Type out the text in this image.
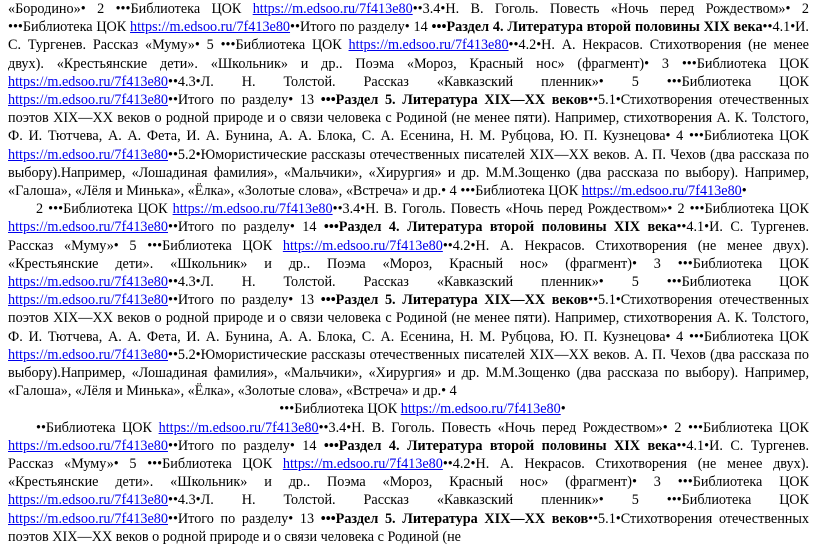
«Бородино»• 2 •••Библиотека ЦОК https://m.edsoo.ru/7f413e80••3.4•Н. В. Гоголь. Повесть «Ночь перед Рождеством»• 2 •••Библиотека ЦОК https://m.edsoo.ru/7f413e80••Итого по разделу• 14 •••Раздел 4. Литература второй половины XIX века••4.1•И. С. Тургенев. Рассказ «Муму»• 5 •••Библиотека ЦОК https://m.edsoo.ru/7f413e80••4.2•Н. А. Некрасов. Стихотворения (не менее двух). «Крестьянские дети». «Школьник» и др.. Поэма «Мороз, Красный нос» (фрагмент)• 3 •••Библиотека ЦОК https://m.edsoo.ru/7f413e80••4.3•Л. Н. Толстой. Рассказ «Кавказский пленник»• 5 •••Библиотека ЦОК https://m.edsoo.ru/7f413e80••Итого по разделу• 13 •••Раздел 5. Литература XIX—XX веков••5.1•Стихотворения отечественных поэтов XIX—XX веков о родной природе и о связи человека с Родиной (не менее пяти). Например, стихотворения А. К. Толстого, Ф. И. Тютчева, А. А. Фета, И. А. Бунина, А. А. Блока, С. А. Есенина, Н. М. Рубцова, Ю. П. Кузнецова• 4 •••Библиотека ЦОК https://m.edsoo.ru/7f413e80••5.2•Юмористические рассказы отечественных писателей XIX—XX веков. А. П. Чехов (два рассказа по выбору).Например, «Лошадиная фамилия», «Мальчики», «Хирургия» и др. М.М.Зощенко (два рассказа по выбору). Например, «Галоша», «Лёля и Минька», «Ёлка», «Золотые слова», «Встреча» и др.• 4 •••Библиотека ЦОК https://m.edsoo.ru/7f413e80•

2 •••Библиотека ЦОК https://m.edsoo.ru/7f413e80••3.4•Н. В. Гоголь. Повесть «Ночь перед Рождеством»• 2 •••Библиотека ЦОК https://m.edsoo.ru/7f413e80••Итого по разделу• 14 •••Раздел 4. Литература второй половины XIX века••4.1•И. С. Тургенев. Рассказ «Муму»• 5 •••Библиотека ЦОК https://m.edsoo.ru/7f413e80••4.2•Н. А. Некрасов. Стихотворения (не менее двух). «Крестьянские дети». «Школьник» и др.. Поэма «Мороз, Красный нос» (фрагмент)• 3 •••Библиотека ЦОК https://m.edsoo.ru/7f413e80••4.3•Л. Н. Толстой. Рассказ «Кавказский пленник»• 5 •••Библиотека ЦОК https://m.edsoo.ru/7f413e80••Итого по разделу• 13 •••Раздел 5. Литература XIX—XX веков••5.1•Стихотворения отечественных поэтов XIX—XX веков о родной природе и о связи человека с Родиной (не менее пяти). Например, стихотворения А. К. Толстого, Ф. И. Тютчева, А. А. Фета, И. А. Бунина, А. А. Блока, С. А. Есенина, Н. М. Рубцова, Ю. П. Кузнецова• 4 •••Библиотека ЦОК https://m.edsoo.ru/7f413e80••5.2•Юмористические рассказы отечественных писателей XIX—XX веков. А. П. Чехов (два рассказа по выбору).Например, «Лошадиная фамилия», «Мальчики», «Хирургия» и др. М.М.Зощенко (два рассказа по выбору). Например, «Галоша», «Лёля и Минька», «Ёлка», «Золотые слова», «Встреча» и др.• 4
•••Библиотека ЦОК https://m.edsoo.ru/7f413e80•

••Библиотека ЦОК https://m.edsoo.ru/7f413e80••3.4•Н. В. Гоголь. Повесть «Ночь перед Рождеством»• 2 •••Библиотека ЦОК https://m.edsoo.ru/7f413e80••Итого по разделу• 14 •••Раздел 4. Литература второй половины XIX века••4.1•И. С. Тургенев. Рассказ «Муму»• 5 •••Библиотека ЦОК https://m.edsoo.ru/7f413e80••4.2•Н. А. Некрасов. Стихотворения (не менее двух). «Крестьянские дети». «Школьник» и др.. Поэма «Мороз, Красный нос» (фрагмент)• 3 •••Библиотека ЦОК https://m.edsoo.ru/7f413e80••4.3•Л. Н. Толстой. Рассказ «Кавказский пленник»• 5 •••Библиотека ЦОК https://m.edsoo.ru/7f413e80••Итого по разделу• 13 •••Раздел 5. Литература XIX—XX веков••5.1•Стихотворения отечественных поэтов XIX—XX веков о родной природе и о связи человека с Родиной (не
